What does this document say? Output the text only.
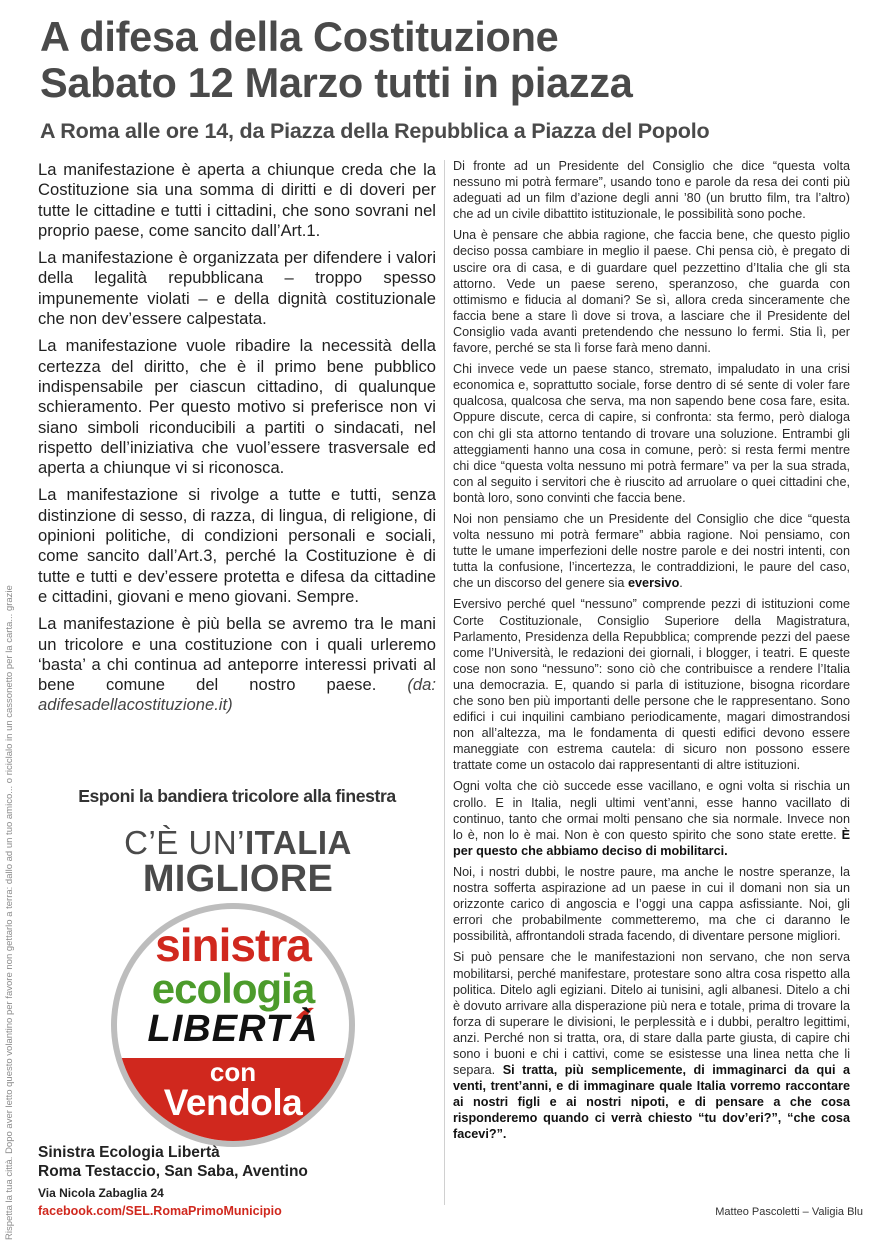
Rispetta la tua città. Dopo aver letto questo volantino per favore non gettarlo a terra: dallo ad un tuo amico... o riciclalo in un cassonetto per la carta... grazie
A difesa della Costituzione
Sabato 12 Marzo tutti in piazza
A Roma alle ore 14, da Piazza della Repubblica a Piazza del Popolo

La manifestazione è aperta a chiunque creda che la Costituzione sia una somma di diritti e di doveri per tutte le cittadine e tutti i cittadini, che sono sovrani nel proprio paese, come sancito dall’Art.1.

La manifestazione è organizzata per difendere i valori della legalità repubblicana – troppo spesso impunemente violati – e della dignità costituzionale che non dev’essere calpestata.

La manifestazione vuole ribadire la necessità della certezza del diritto, che è il primo bene pubblico indispensabile per ciascun cittadino, di qualunque schieramento. Per questo motivo si preferisce non vi siano simboli riconducibili a partiti o sindacati, nel rispetto dell’iniziativa che vuol’essere trasversale ed aperta a chiunque vi si riconosca.

La manifestazione si rivolge a tutte e tutti, senza distinzione di sesso, di razza, di lingua, di religione, di opinioni politiche, di condizioni personali e sociali, come sancito dall’Art.3, perché la Costituzione è di tutte e tutti e dev’essere protetta e difesa da cittadine e cittadini, giovani e meno giovani. Sempre.

La manifestazione è più bella se avremo tra le mani un tricolore e una costituzione con i quali urleremo ‘basta’ a chi continua ad anteporre interessi privati al bene comune del nostro paese. (da: adifesadellacostituzione.it)

Esponi la bandiera tricolore alla finestra
C’È UN’ITALIA
MIGLIORE
sinistra
ecologia
LIBERTÀ
con
Vendola
Sinistra Ecologia Libertà
Roma Testaccio, San Saba, Aventino
Via Nicola Zabaglia 24
facebook.com/SEL.RomaPrimoMunicipio

Di fronte ad un Presidente del Consiglio che dice “questa volta nessuno mi potrà fermare”, usando tono e parole da resa dei conti più adeguati ad un film d’azione degli anni ’80 (un brutto film, tra l’altro) che ad un civile dibattito istituzionale, le possibilità sono poche.

Una è pensare che abbia ragione, che faccia bene, che questo piglio deciso possa cambiare in meglio il paese. Chi pensa ciò, è pregato di uscire ora di casa, e di guardare quel pezzettino d’Italia che gli sta attorno. Vede un paese sereno, speranzoso, che guarda con ottimismo e fiducia al domani? Se sì, allora creda sinceramente che faccia bene a stare lì dove si trova, a lasciare che il Presidente del Consiglio vada avanti pretendendo che nessuno lo fermi. Stia lì, per favore, perché se sta lì forse farà meno danni.

Chi invece vede un paese stanco, stremato, impaludato in una crisi economica e, soprattutto sociale, forse dentro di sé sente di voler fare qualcosa, qualcosa che serva, ma non sapendo bene cosa fare, esita. Oppure discute, cerca di capire, si confronta: sta fermo, però dialoga con chi gli sta attorno tentando di trovare una soluzione. Entrambi gli atteggiamenti hanno una cosa in comune, però: si resta fermi mentre chi dice “questa volta nessuno mi potrà fermare” va per la sua strada, con al seguito i servitori che è riuscito ad arruolare o quei cittadini che, bontà loro, sono convinti che faccia bene.

Noi non pensiamo che un Presidente del Consiglio che dice “questa volta nessuno mi potrà fermare” abbia ragione. Noi pensiamo, con tutte le umane imperfezioni delle nostre parole e dei nostri intenti, con tutta la confusione, l’incertezza, le contraddizioni, le paure del caso, che un discorso del genere sia eversivo.

Eversivo perché quel “nessuno” comprende pezzi di istituzioni come Corte Costituzionale, Consiglio Superiore della Magistratura, Parlamento, Presidenza della Repubblica; comprende pezzi del paese come l’Università, le redazioni dei giornali, i blogger, i teatri. E queste cose non sono “nessuno”: sono ciò che contribuisce a rendere l’Italia una democrazia. E, quando si parla di istituzione, bisogna ricordare che sono ben più importanti delle persone che le rappresentano. Sono edifici i cui inquilini cambiano periodicamente, magari dimostrandosi non all’altezza, ma le fondamenta di questi edifici devono essere maneggiate con estrema cautela: di sicuro non possono essere trattate come un ostacolo dai rappresentanti di altre istituzioni.

Ogni volta che ciò succede esse vacillano, e ogni volta si rischia un crollo. E in Italia, negli ultimi vent’anni, esse hanno vacillato di continuo, tanto che ormai molti pensano che sia normale. Invece non lo è, non lo è mai. Non è con questo spirito che sono state erette. È per questo che abbiamo deciso di mobilitarci.

Noi, i nostri dubbi, le nostre paure, ma anche le nostre speranze, la nostra sofferta aspirazione ad un paese in cui il domani non sia un orizzonte carico di angoscia e l’oggi una cappa asfissiante. Noi, gli errori che probabilmente commetteremo, ma che ci daranno le possibilità, affrontandoli strada facendo, di diventare persone migliori.

Si può pensare che le manifestazioni non servano, che non serva mobilitarsi, perché manifestare, protestare sono altra cosa rispetto alla politica. Ditelo agli egiziani. Ditelo ai tunisini, agli albanesi. Ditelo a chi è dovuto arrivare alla disperazione più nera e totale, prima di trovare la forza di superare le divisioni, le perplessità e i dubbi, peraltro legittimi, anzi. Perché non si tratta, ora, di stare dalla parte giusta, di capire chi sono i buoni e chi i cattivi, come se esistesse una linea netta che li separa. Si tratta, più semplicemente, di immaginarci da qui a venti, trent’anni, e di immaginare quale Italia vorremo raccontare ai nostri figli e ai nostri nipoti, e di pensare a che cosa risponderemo quando ci verrà chiesto “tu dov’eri?”, “che cosa facevi?”.

Matteo Pascoletti – Valigia Blu
